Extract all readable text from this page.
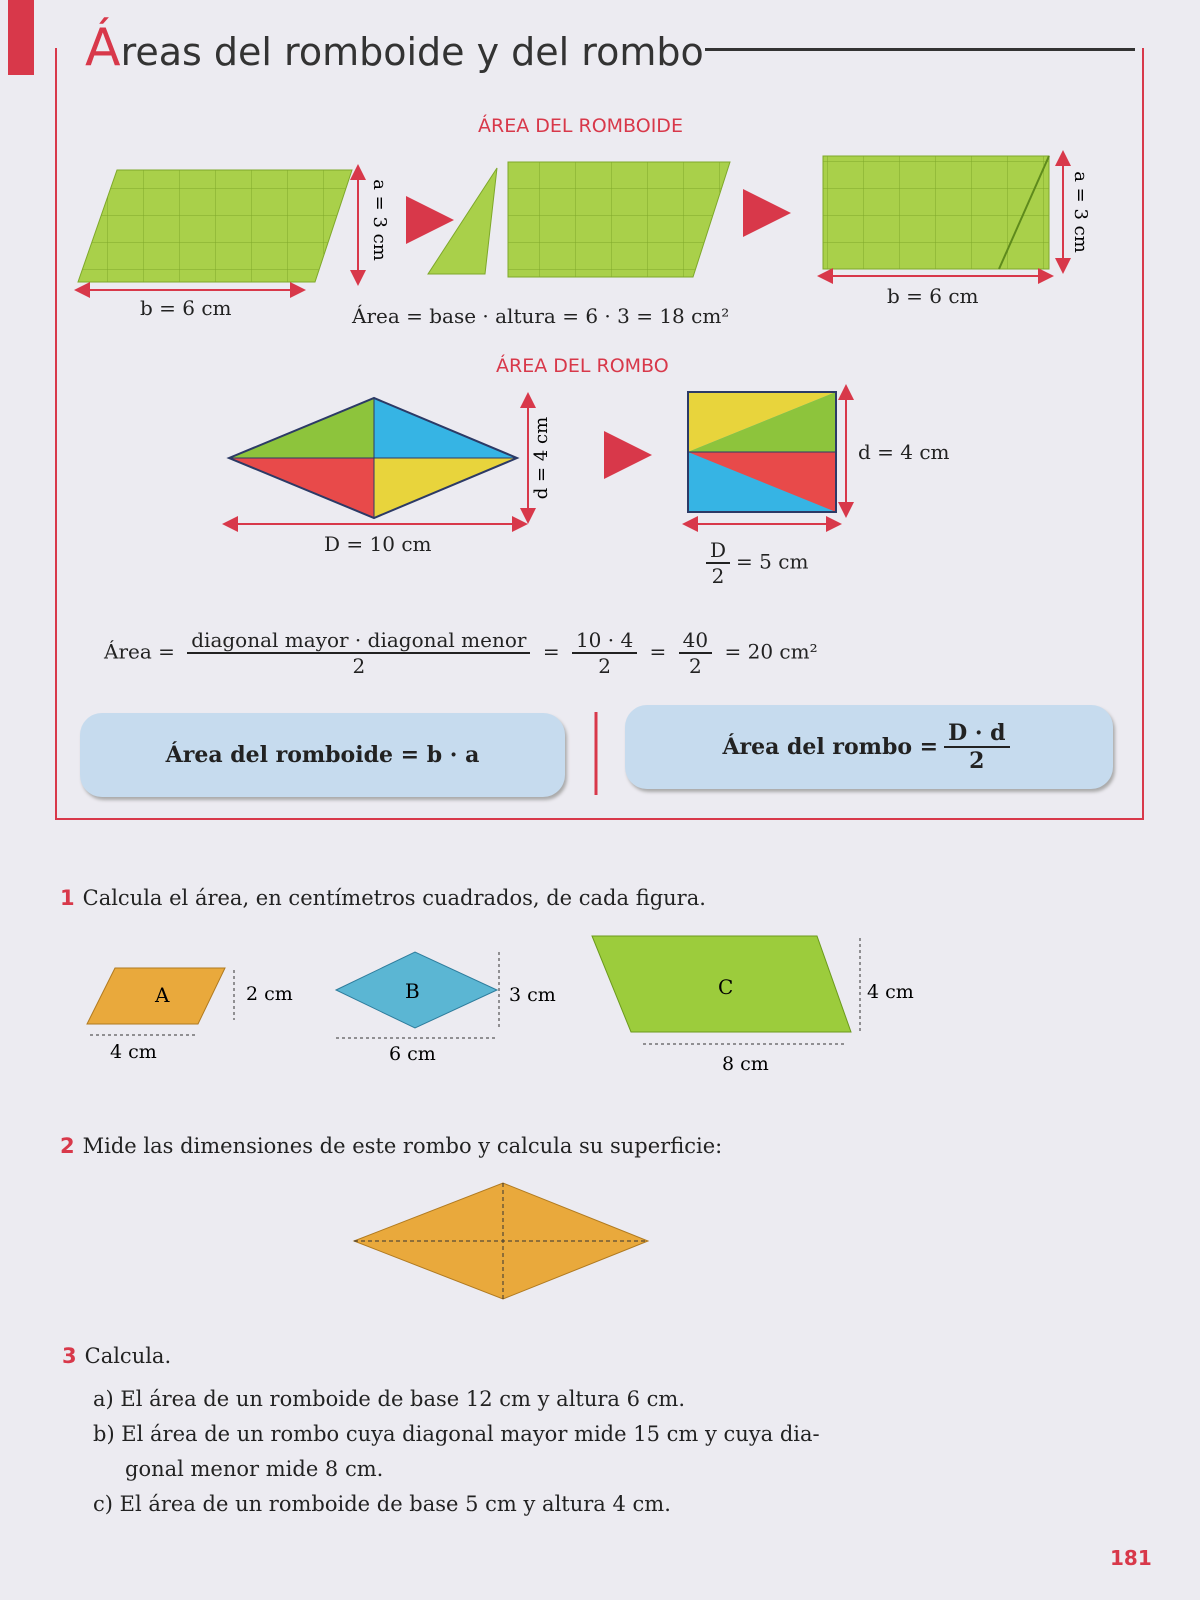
Áreas del romboide y del rombo
ÁREA DEL ROMBOIDE
a = 3 cm	a = 3 cm
d = 4 cm
b = 6 cm	b = 6 cm
Área = base · altura = 6 · 3 = 18 cm²
ÁREA DEL ROMBO
d = 4 cm
D = 10 cm	$\frac{D}{2} = 5$ cm
Área = $\frac{\text{diagonal mayor · diagonal menor}}{2} = \frac{10 \cdot 4}{2} = \frac{40}{2} = 20$ cm²
Área del romboide = b · a	Área del rombo = $\frac{D \cdot d}{2}$
1 Calcula el área, en centímetros cuadrados, de cada figura.
A	B	C
2 cm
4 cm
3 cm
6 cm
4 cm
8 cm
2 Mide las dimensiones de este rombo y calcula su superficie:
3 Calcula.
a) El área de un romboide de base 12 cm y altura 6 cm.
b) El área de un rombo cuya diagonal mayor mide 15 cm y cuya dia-
gonal menor mide 8 cm.
c) El área de un romboide de base 5 cm y altura 4 cm.
181
